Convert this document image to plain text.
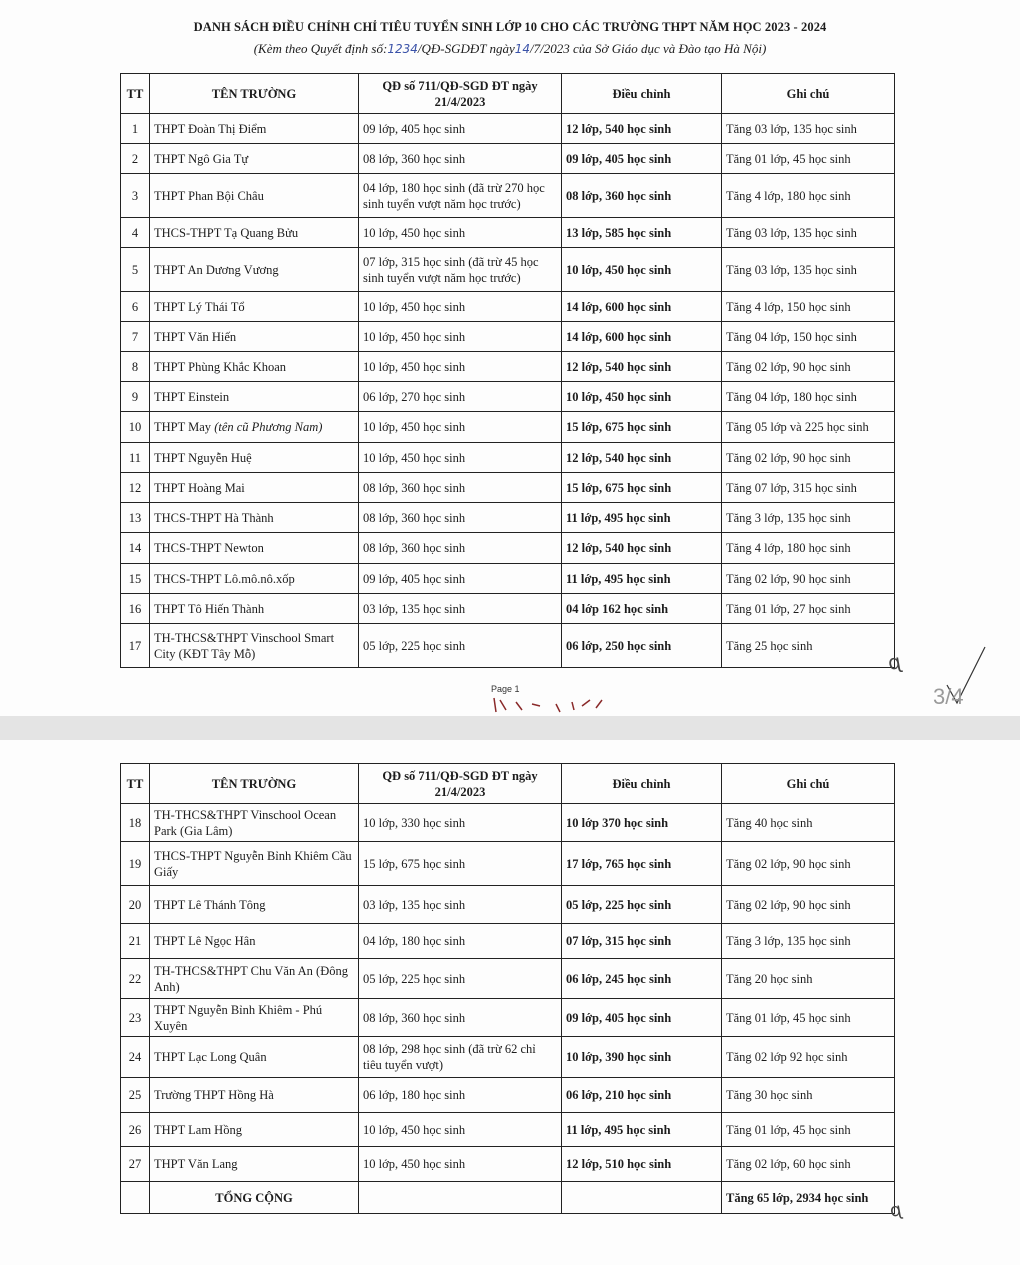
DANH SÁCH ĐIỀU CHỈNH CHỈ TIÊU TUYỂN SINH LỚP 10 CHO CÁC TRƯỜNG THPT NĂM HỌC 2023 - 2024
(Kèm theo Quyết định số:1234/QĐ-SGDĐT ngày14/7/2023 của Sở Giáo dục và Đào tạo Hà Nội)
TT	TÊN TRƯỜNG	QĐ số 711/QĐ-SGD ĐT ngày 21/4/2023	Điều chỉnh	Ghi chú
1	THPT Đoàn Thị Điểm	09 lớp, 405 học sinh	12 lớp, 540 học sinh	Tăng 03 lớp, 135 học sinh
2	THPT Ngô Gia Tự	08 lớp, 360 học sinh	09 lớp, 405 học sinh	Tăng 01 lớp, 45 học sinh
3	THPT Phan Bội Châu	04 lớp, 180 học sinh (đã trừ 270 học sinh tuyển vượt năm học trước)	08 lớp, 360 học sinh	Tăng 4 lớp, 180 học sinh
4	THCS-THPT Tạ Quang Bửu	10 lớp, 450 học sinh	13 lớp, 585 học sinh	Tăng 03 lớp, 135 học sinh
5	THPT An Dương Vương	07 lớp, 315 học sinh (đã trừ 45 học sinh tuyển vượt năm học trước)	10 lớp, 450 học sinh	Tăng 03 lớp, 135 học sinh
6	THPT Lý Thái Tổ	10 lớp, 450 học sinh	14 lớp, 600 học sinh	Tăng 4 lớp, 150 học sinh
7	THPT Văn Hiến	10 lớp, 450 học sinh	14 lớp, 600 học sinh	Tăng 04 lớp, 150 học sinh
8	THPT Phùng Khắc Khoan	10 lớp, 450 học sinh	12 lớp, 540 học sinh	Tăng 02 lớp, 90 học sinh
9	THPT Einstein	06 lớp, 270 học sinh	10 lớp, 450 học sinh	Tăng 04 lớp, 180 học sinh
10	THPT May (tên cũ Phương Nam)	10 lớp, 450 học sinh	15 lớp, 675 học sinh	Tăng 05 lớp và 225 học sinh
11	THPT Nguyễn Huệ	10 lớp, 450 học sinh	12 lớp, 540 học sinh	Tăng 02 lớp, 90 học sinh
12	THPT Hoàng Mai	08 lớp, 360 học sinh	15 lớp, 675 học sinh	Tăng 07 lớp, 315 học sinh
13	THCS-THPT Hà Thành	08 lớp, 360 học sinh	11 lớp, 495 học sinh	Tăng 3 lớp, 135 học sinh
14	THCS-THPT Newton	08 lớp, 360 học sinh	12 lớp, 540 học sinh	Tăng 4 lớp, 180 học sinh
15	THCS-THPT Lô.mô.nô.xốp	09 lớp, 405 học sinh	11 lớp, 495 học sinh	Tăng 02 lớp, 90 học sinh
16	THPT Tô Hiến Thành	03 lớp, 135 học sinh	04 lớp 162 học sinh	Tăng 01 lớp, 27 học sinh
17	TH-THCS&THPT Vinschool Smart City (KĐT Tây Mỗ)	05 lớp, 225 học sinh	06 lớp, 250 học sinh	Tăng 25 học sinh
ɋ
Page 1	3/4
TT	TÊN TRƯỜNG	QĐ số 711/QĐ-SGD ĐT ngày 21/4/2023	Điều chỉnh	Ghi chú
18	TH-THCS&THPT Vinschool Ocean Park (Gia Lâm)	10 lớp, 330 học sinh	10 lớp 370 học sinh	Tăng 40 học sinh
19	THCS-THPT Nguyễn Bỉnh Khiêm Cầu Giấy	15 lớp, 675 học sinh	17 lớp, 765 học sinh	Tăng 02 lớp, 90 học sinh
20	THPT Lê Thánh Tông	03 lớp, 135 học sinh	05 lớp, 225 học sinh	Tăng 02 lớp, 90 học sinh
21	THPT Lê Ngọc Hân	04 lớp, 180 học sinh	07 lớp, 315 học sinh	Tăng 3 lớp, 135 học sinh
22	TH-THCS&THPT Chu Văn An (Đông Anh)	05 lớp, 225 học sinh	06 lớp, 245 học sinh	Tăng 20 học sinh
23	THPT Nguyễn Bỉnh Khiêm - Phú Xuyên	08 lớp, 360 học sinh	09 lớp, 405 học sinh	Tăng 01 lớp, 45 học sinh
24	THPT Lạc Long Quân	08 lớp, 298 học sinh (đã trừ 62 chỉ tiêu tuyển vượt)	10 lớp, 390 học sinh	Tăng 02 lớp 92 học sinh
25	Trường THPT Hồng Hà	06 lớp, 180 học sinh	06 lớp, 210 học sinh	Tăng 30 học sinh
26	THPT Lam Hồng	10 lớp, 450 học sinh	11 lớp, 495 học sinh	Tăng 01 lớp, 45 học sinh
27	THPT Văn Lang	10 lớp, 450 học sinh	12 lớp, 510 học sinh	Tăng 02 lớp, 60 học sinh
	TỔNG CỘNG			Tăng 65 lớp, 2934 học sinh
ɋ
